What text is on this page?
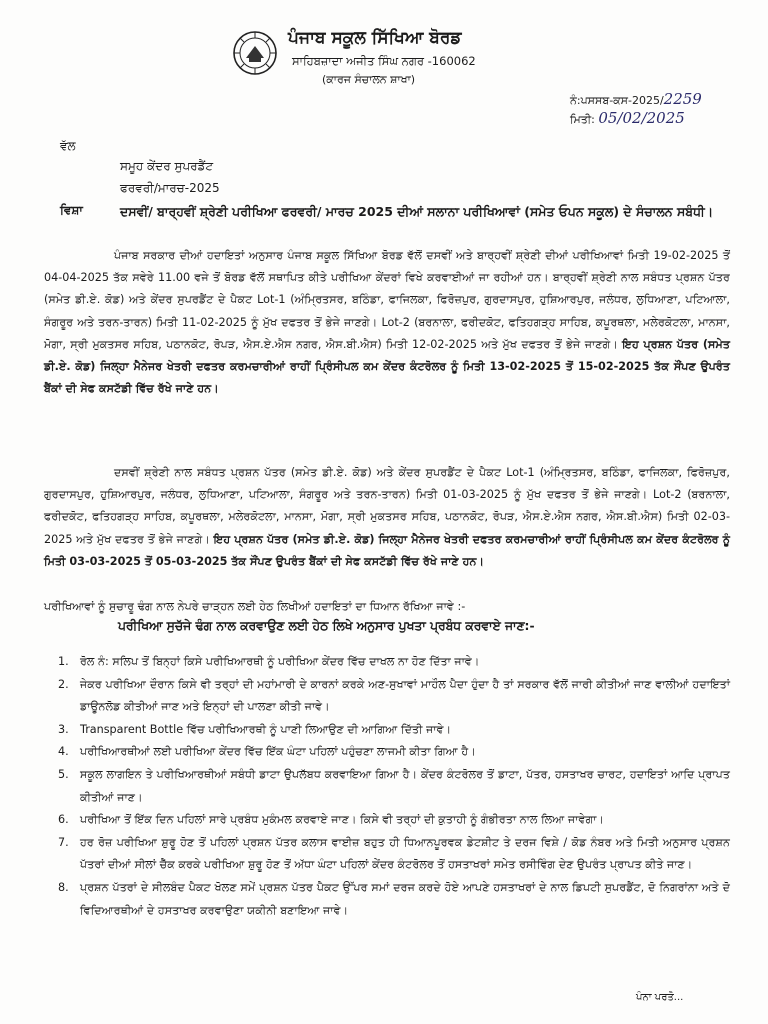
ਪੰਜਾਬ ਸਕੂਲ ਸਿੱਖਿਆ ਬੋਰਡ
ਸਾਹਿਬਜ਼ਾਦਾ ਅਜੀਤ ਸਿੰਘ ਨਗਰ -160062
(ਕਾਰਜ ਸੰਚਾਲਨ ਸ਼ਾਖਾ)
ਨੰ:ਪਸਸਬ-ਕਸ-2025/2259
ਮਿਤੀ: 05/02/2025
ਵੱਲ
ਸਮੂਹ ਕੇਂਦਰ ਸੁਪਰਡੈਂਟ
ਫਰਵਰੀ/ਮਾਰਚ-2025
ਵਿਸ਼ਾ	ਦਸਵੀਂ/ ਬਾਰ੍ਹਵੀਂ ਸ਼੍ਰੇਣੀ ਪਰੀਖਿਆ ਫਰਵਰੀ/ ਮਾਰਚ 2025 ਦੀਆਂ ਸਲਾਨਾ ਪਰੀਖਿਆਵਾਂ (ਸਮੇਤ ਓਪਨ ਸਕੂਲ) ਦੇ ਸੰਚਾਲਨ ਸਬੰਧੀ।
ਪੰਜਾਬ ਸਰਕਾਰ ਦੀਆਂ ਹਦਾਇਤਾਂ ਅਨੁਸਾਰ ਪੰਜਾਬ ਸਕੂਲ ਸਿੱਖਿਆ ਬੋਰਡ ਵੱਲੋਂ ਦਸਵੀਂ ਅਤੇ ਬਾਰ੍ਹਵੀਂ ਸ਼੍ਰੇਣੀ ਦੀਆਂ ਪਰੀਖਿਆਵਾਂ ਮਿਤੀ 19-02-2025 ਤੋਂ 04-04-2025 ਤੱਕ ਸਵੇਰੇ 11.00 ਵਜੇ ਤੋਂ ਬੋਰਡ ਵੱਲੋਂ ਸਥਾਪਿਤ ਕੀਤੇ ਪਰੀਖਿਆ ਕੇਂਦਰਾਂ ਵਿਖੇ ਕਰਵਾਈਆਂ ਜਾ ਰਹੀਆਂ ਹਨ। ਬਾਰ੍ਹਵੀਂ ਸ਼੍ਰੇਣੀ ਨਾਲ ਸਬੰਧਤ ਪ੍ਰਸ਼ਨ ਪੱਤਰ (ਸਮੇਤ ਡੀ.ਏ. ਕੋਡ) ਅਤੇ ਕੇਂਦਰ ਸੁਪਰਡੈਂਟ ਦੇ ਪੈਕਟ Lot-1 (ਅੰਮ੍ਰਿਤਸਰ, ਬਠਿੰਡਾ, ਫਾਜਿਲਕਾ, ਫਿਰੋਜ਼ਪੁਰ, ਗੁਰਦਾਸਪੁਰ, ਹੁਸ਼ਿਆਰਪੁਰ, ਜਲੰਧਰ, ਲੁਧਿਆਣਾ, ਪਟਿਆਲਾ, ਸੰਗਰੂਰ ਅਤੇ ਤਰਨ-ਤਾਰਨ) ਮਿਤੀ 11-02-2025 ਨੂੰ ਮੁੱਖ ਦਫਤਰ ਤੋਂ ਭੇਜੇ ਜਾਣਗੇ। Lot-2 (ਬਰਨਾਲਾ, ਫਰੀਦਕੋਟ, ਫਤਿਹਗੜ੍ਹ ਸਾਹਿਬ, ਕਪੂਰਥਲਾ, ਮਲੇਰਕੋਟਲਾ, ਮਾਨਸਾ, ਮੋਗਾ, ਸ੍ਰੀ ਮੁਕਤਸਰ ਸਹਿਬ, ਪਠਾਨਕੋਟ, ਰੋਪੜ, ਐਸ.ਏ.ਐਸ ਨਗਰ, ਐਸ.ਬੀ.ਐਸ) ਮਿਤੀ 12-02-2025 ਅਤੇ ਮੁੱਖ ਦਫਤਰ ਤੋਂ ਭੇਜੇ ਜਾਣਗੇ। ਇਹ ਪ੍ਰਸ਼ਨ ਪੱਤਰ (ਸਮੇਤ ਡੀ.ਏ. ਕੋਡ) ਜਿਲ੍ਹਾ ਮੈਨੇਜਰ ਖੇਤਰੀ ਦਫਤਰ ਕਰਮਚਾਰੀਆਂ ਰਾਹੀਂ ਪ੍ਰਿੰਸੀਪਲ ਕਮ ਕੇਂਦਰ ਕੰਟਰੋਲਰ ਨੂੰ ਮਿਤੀ 13-02-2025 ਤੋਂ 15-02-2025 ਤੱਕ ਸੌਂਪਣ ਉਪਰੰਤ ਬੈਂਕਾਂ ਦੀ ਸੇਫ ਕਸਟੱਡੀ ਵਿੱਚ ਰੱਖੇ ਜਾਣੇ ਹਨ।
ਦਸਵੀਂ ਸ਼੍ਰੇਣੀ ਨਾਲ ਸਬੰਧਤ ਪ੍ਰਸ਼ਨ ਪੱਤਰ (ਸਮੇਤ ਡੀ.ਏ. ਕੋਡ) ਅਤੇ ਕੇਂਦਰ ਸੁਪਰਡੈਂਟ ਦੇ ਪੈਕਟ Lot-1 (ਅੰਮ੍ਰਿਤਸਰ, ਬਠਿੰਡਾ, ਫਾਜਿਲਕਾ, ਫਿਰੋਜ਼ਪੁਰ, ਗੁਰਦਾਸਪੁਰ, ਹੁਸ਼ਿਆਰਪੁਰ, ਜਲੰਧਰ, ਲੁਧਿਆਣਾ, ਪਟਿਆਲਾ, ਸੰਗਰੂਰ ਅਤੇ ਤਰਨ-ਤਾਰਨ) ਮਿਤੀ 01-03-2025 ਨੂੰ ਮੁੱਖ ਦਫਤਰ ਤੋਂ ਭੇਜੇ ਜਾਣਗੇ। Lot-2 (ਬਰਨਾਲਾ, ਫਰੀਦਕੋਟ, ਫਤਿਹਗੜ੍ਹ ਸਾਹਿਬ, ਕਪੂਰਥਲਾ, ਮਲੇਰਕੋਟਲਾ, ਮਾਨਸਾ, ਮੋਗਾ, ਸ੍ਰੀ ਮੁਕਤਸਰ ਸਹਿਬ, ਪਠਾਨਕੋਟ, ਰੋਪੜ, ਐਸ.ਏ.ਐਸ ਨਗਰ, ਐਸ.ਬੀ.ਐਸ) ਮਿਤੀ 02-03-2025 ਅਤੇ ਮੁੱਖ ਦਫਤਰ ਤੋਂ ਭੇਜੇ ਜਾਣਗੇ। ਇਹ ਪ੍ਰਸ਼ਨ ਪੱਤਰ (ਸਮੇਤ ਡੀ.ਏ. ਕੋਡ) ਜਿਲ੍ਹਾ ਮੈਨੇਜਰ ਖੇਤਰੀ ਦਫਤਰ ਕਰਮਚਾਰੀਆਂ ਰਾਹੀਂ ਪ੍ਰਿੰਸੀਪਲ ਕਮ ਕੇਂਦਰ ਕੰਟਰੋਲਰ ਨੂੰ ਮਿਤੀ 03-03-2025 ਤੋਂ 05-03-2025 ਤੱਕ ਸੌਂਪਣ ਉਪਰੰਤ ਬੈਂਕਾਂ ਦੀ ਸੇਫ ਕਸਟੱਡੀ ਵਿੱਚ ਰੱਖੇ ਜਾਣੇ ਹਨ।
ਪਰੀਖਿਆਵਾਂ ਨੂੰ ਸੁਚਾਰੂ ਢੰਗ ਨਾਲ ਨੇਪਰੇ ਚਾੜ੍ਹਨ ਲਈ ਹੇਠ ਲਿਖੀਆਂ ਹਦਾਇਤਾਂ ਦਾ ਧਿਆਨ ਰੱਖਿਆ ਜਾਵੇ :-
ਪਰੀਖਿਆ ਸੁਚੱਜੇ ਢੰਗ ਨਾਲ ਕਰਵਾਉਣ ਲਈ ਹੇਠ ਲਿਖੇ ਅਨੁਸਾਰ ਪੁਖਤਾ ਪ੍ਰਬੰਧ ਕਰਵਾਏ ਜਾਣ:-
1. ਰੋਲ ਨੰ: ਸਲਿਪ ਤੋਂ ਬਿਨ੍ਹਾਂ ਕਿਸੇ ਪਰੀਖਿਆਰਥੀ ਨੂੰ ਪਰੀਖਿਆ ਕੇਂਦਰ ਵਿੱਚ ਦਾਖਲ ਨਾ ਹੋਣ ਦਿੱਤਾ ਜਾਵੇ।
2. ਜੇਕਰ ਪਰੀਖਿਆ ਦੌਰਾਨ ਕਿਸੇ ਵੀ ਤਰ੍ਹਾਂ ਦੀ ਮਹਾਂਮਾਰੀ ਦੇ ਕਾਰਨਾਂ ਕਰਕੇ ਅਣ-ਸੁਖਾਵਾਂ ਮਾਹੌਲ ਪੈਦਾ ਹੁੰਦਾ ਹੈ ਤਾਂ ਸਰਕਾਰ ਵੱਲੋਂ ਜਾਰੀ ਕੀਤੀਆਂ ਜਾਣ ਵਾਲੀਆਂ ਹਦਾਇਤਾਂ ਡਾਊਨਲੋਡ ਕੀਤੀਆਂ ਜਾਣ ਅਤੇ ਇਨ੍ਹਾਂ ਦੀ ਪਾਲਣਾ ਕੀਤੀ ਜਾਵੇ।
3. Transparent Bottle ਵਿੱਚ ਪਰੀਖਿਆਰਥੀ ਨੂੰ ਪਾਣੀ ਲਿਆਉਣ ਦੀ ਆਗਿਆ ਦਿੱਤੀ ਜਾਵੇ।
4. ਪਰੀਖਿਆਰਥੀਆਂ ਲਈ ਪਰੀਖਿਆ ਕੇਂਦਰ ਵਿੱਚ ਇੱਕ ਘੰਟਾ ਪਹਿਲਾਂ ਪਹੁੰਚਣਾ ਲਾਜਮੀ ਕੀਤਾ ਗਿਆ ਹੈ।
5. ਸਕੂਲ ਲਾਗਇਨ ਤੇ ਪਰੀਖਿਆਰਥੀਆਂ ਸਬੰਧੀ ਡਾਟਾ ਉਪਲੱਬਧ ਕਰਵਾਇਆ ਗਿਆ ਹੈ। ਕੇਂਦਰ ਕੰਟਰੋਲਰ ਤੋਂ ਡਾਟਾ, ਪੱਤਰ, ਹਸਤਾਖਰ ਚਾਰਟ, ਹਦਾਇਤਾਂ ਆਦਿ ਪ੍ਰਾਪਤ ਕੀਤੀਆਂ ਜਾਣ।
6. ਪਰੀਖਿਆ ਤੋਂ ਇੱਕ ਦਿਨ ਪਹਿਲਾਂ ਸਾਰੇ ਪ੍ਰਬੰਧ ਮੁਕੰਮਲ ਕਰਵਾਏ ਜਾਣ। ਕਿਸੇ ਵੀ ਤਰ੍ਹਾਂ ਦੀ ਕੁਤਾਹੀ ਨੂੰ ਗੰਭੀਰਤਾ ਨਾਲ ਲਿਆ ਜਾਵੇਗਾ।
7. ਹਰ ਰੋਜ਼ ਪਰੀਖਿਆ ਸ਼ੁਰੂ ਹੋਣ ਤੋਂ ਪਹਿਲਾਂ ਪ੍ਰਸ਼ਨ ਪੱਤਰ ਕਲਾਸ ਵਾਈਜ਼ ਬਹੁਤ ਹੀ ਧਿਆਨਪੂਰਵਕ ਡੇਟਸ਼ੀਟ ਤੇ ਦਰਜ ਵਿਸ਼ੇ / ਕੋਡ ਨੰਬਰ ਅਤੇ ਮਿਤੀ ਅਨੁਸਾਰ ਪ੍ਰਸ਼ਨ ਪੱਤਰਾਂ ਦੀਆਂ ਸੀਲਾਂ ਚੈੱਕ ਕਰਕੇ ਪਰੀਖਿਆ ਸ਼ੁਰੂ ਹੋਣ ਤੋਂ ਅੱਧਾ ਘੰਟਾ ਪਹਿਲਾਂ ਕੇਂਦਰ ਕੰਟਰੋਲਰ ਤੋਂ ਹਸਤਾਖਰਾਂ ਸਮੇਤ ਰਸੀਵਿੰਗ ਦੇਣ ਉਪਰੰਤ ਪ੍ਰਾਪਤ ਕੀਤੇ ਜਾਣ।
8. ਪ੍ਰਸ਼ਨ ਪੱਤਰਾਂ ਦੇ ਸੀਲਬੰਦ ਪੈਕਟ ਖੋਲਣ ਸਮੇਂ ਪ੍ਰਸ਼ਨ ਪੱਤਰ ਪੈਕਟ ਉੱਪਰ ਸਮਾਂ ਦਰਜ ਕਰਦੇ ਹੋਏ ਆਪਣੇ ਹਸਤਾਖਰਾਂ ਦੇ ਨਾਲ ਡਿਪਟੀ ਸੁਪਰਡੈਂਟ, ਦੋ ਨਿਗਰਾਂਨਾ ਅਤੇ ਦੋ ਵਿਦਿਆਰਥੀਆਂ ਦੇ ਹਸਤਾਖਰ ਕਰਵਾਉਣਾ ਯਕੀਨੀ ਬਣਾਇਆ ਜਾਵੇ।
ਪੰਨਾ ਪਰਤੋ...
